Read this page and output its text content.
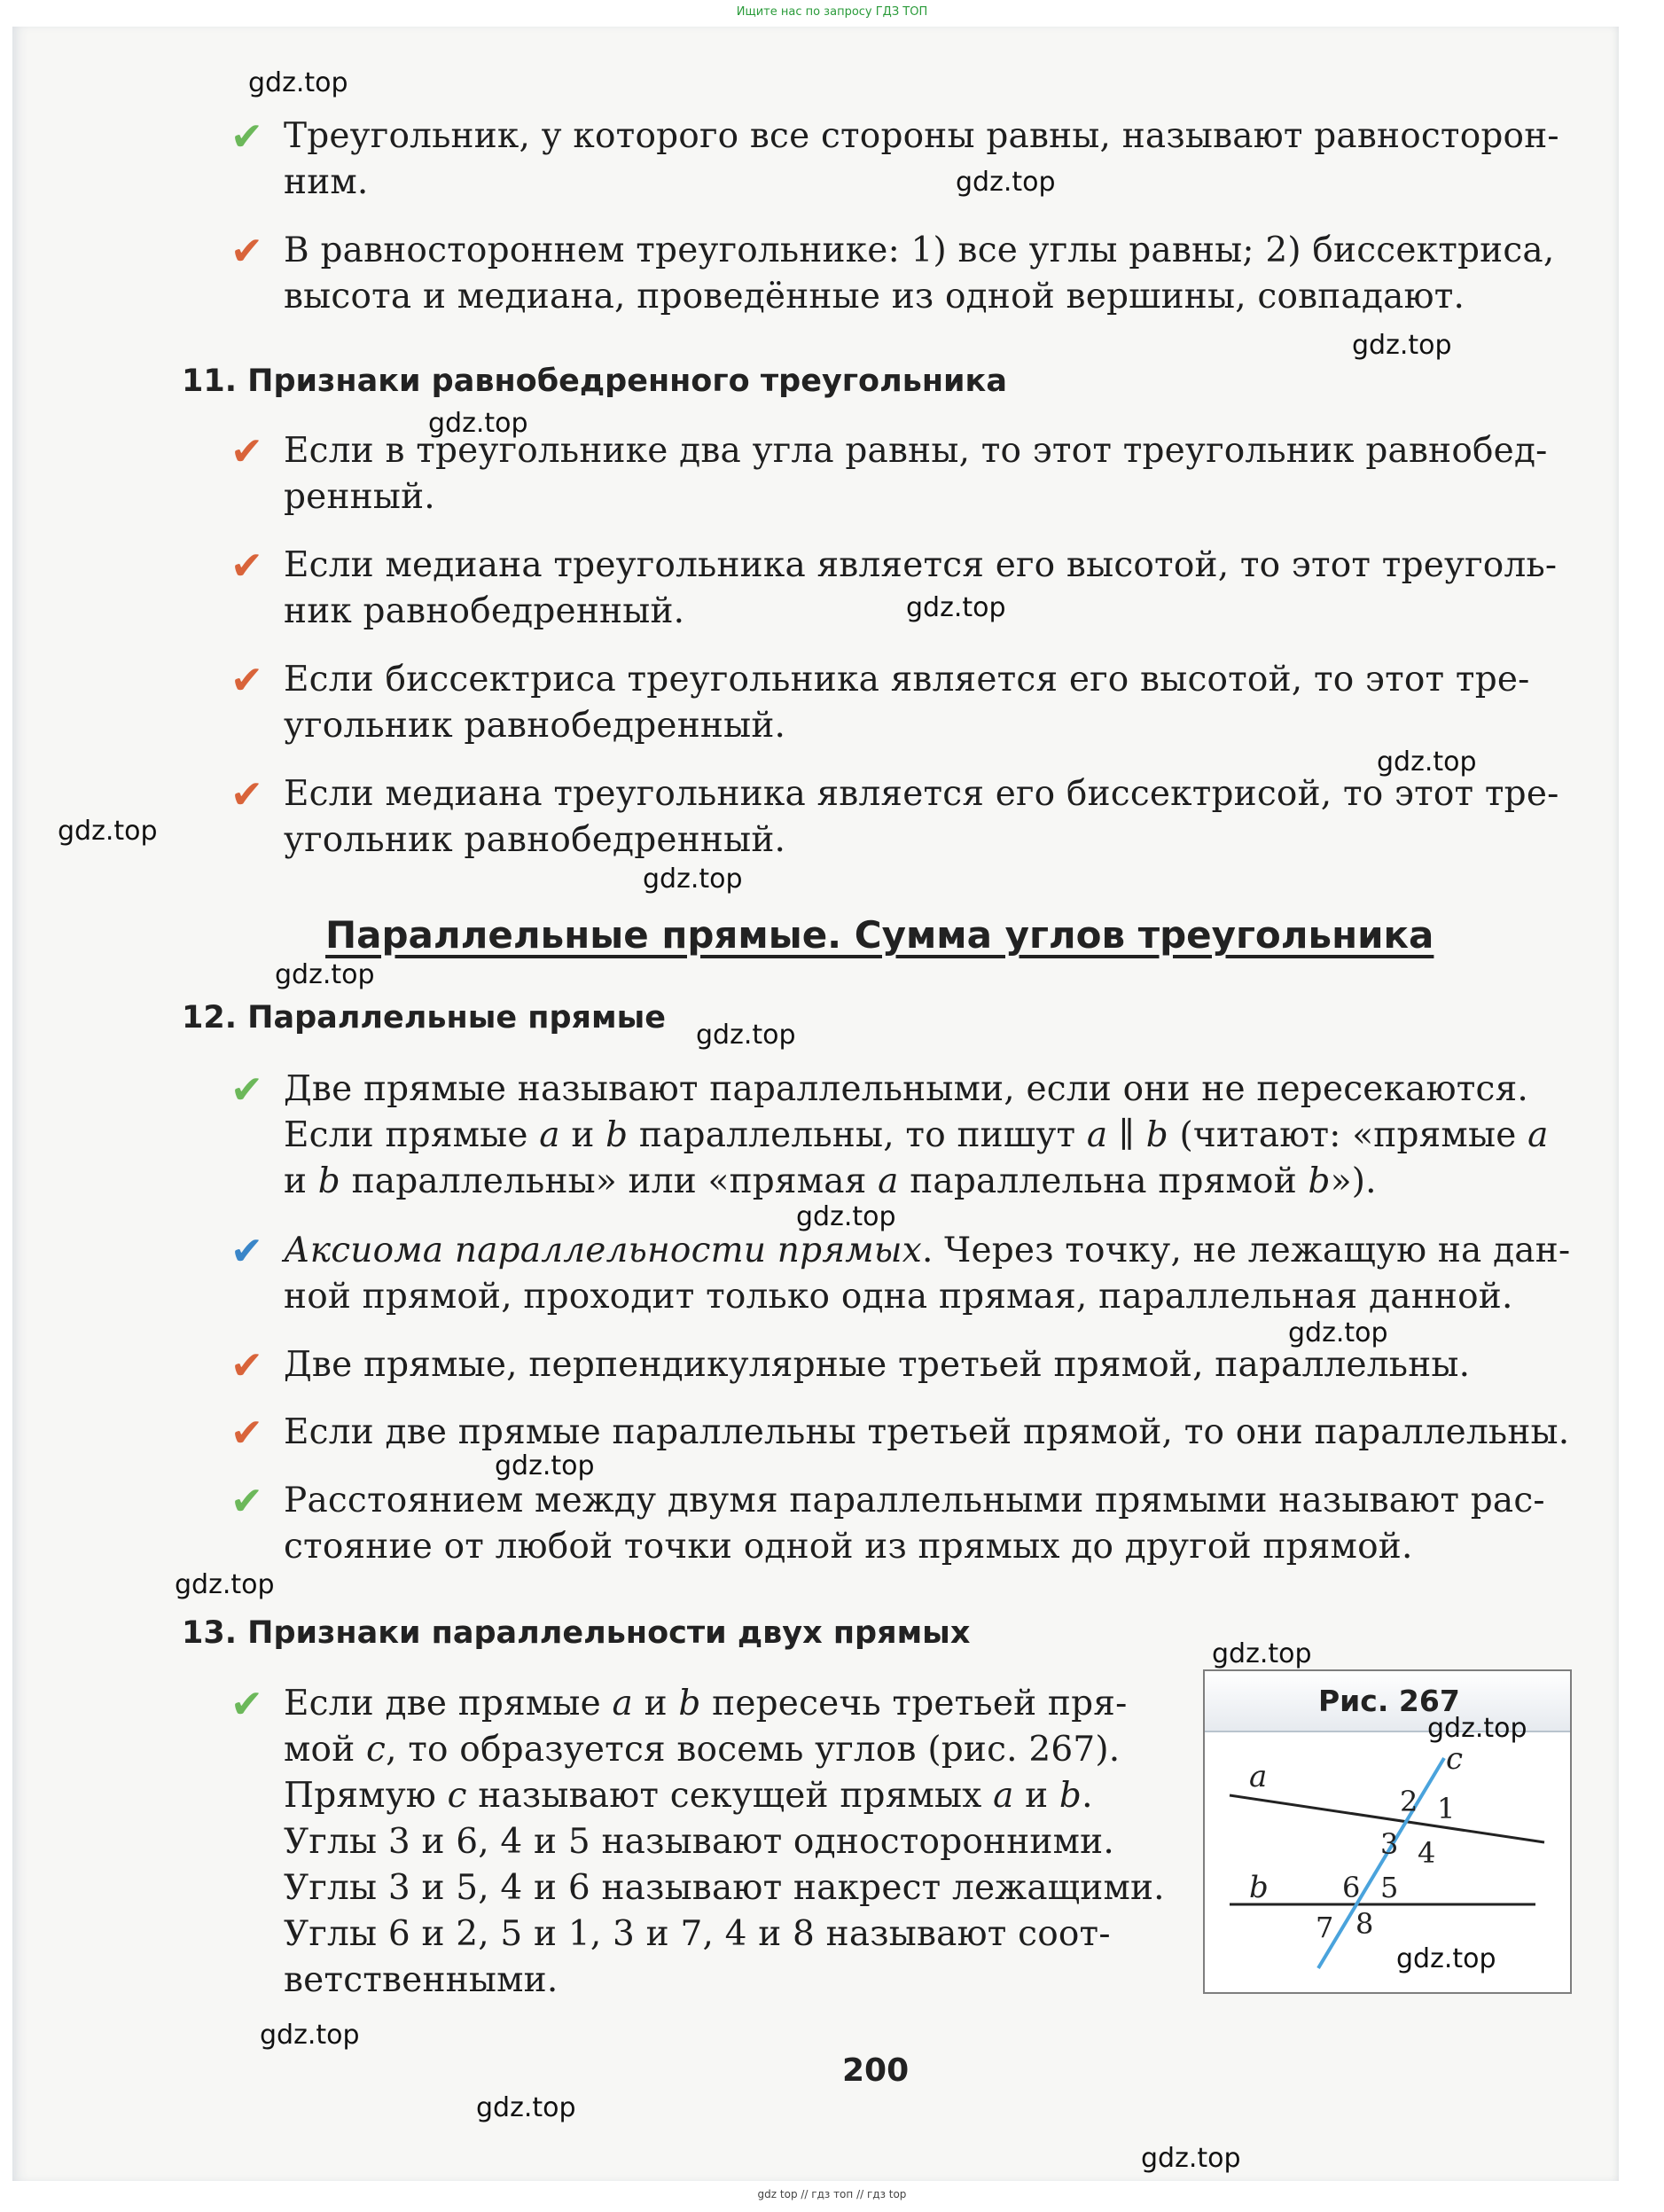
Ищите нас по запросу ГДЗ ТОП
✔ Треугольник, у которого все стороны равны, называют равносторон-
ним.
✔ В равностороннем треугольнике: 1) все углы равны; 2) биссектриса,
высота и медиана, проведённые из одной вершины, совпадают.
11. Признаки равнобедренного треугольника
✔ Если в треугольнике два угла равны, то этот треугольник равнобед-
ренный.
✔ Если медиана треугольника является его высотой, то этот треуголь-
ник равнобедренный.
✔ Если биссектриса треугольника является его высотой, то этот тре-
угольник равнобедренный.
✔ Если медиана треугольника является его биссектрисой, то этот тре-
угольник равнобедренный.
Параллельные прямые. Сумма углов треугольника
12. Параллельные прямые
✔ Две прямые называют параллельными, если они не пересекаются.
Если прямые a и b параллельны, то пишут a ∥ b (читают: «прямые a
и b параллельны» или «прямая a параллельна прямой b»).
✔ Аксиома параллельности прямых. Через точку, не лежащую на дан-
ной прямой, проходит только одна прямая, параллельная данной.
✔ Две прямые, перпендикулярные третьей прямой, параллельны.
✔ Если две прямые параллельны третьей прямой, то они параллельны.
✔ Расстоянием между двумя параллельными прямыми называют рас-
стояние от любой точки одной из прямых до другой прямой.
13. Признаки параллельности двух прямых
✔ Если две прямые a и b пересечь третьей пря-
мой c, то образуется восемь углов (рис. 267).
Прямую c называют секущей прямых a и b.
Углы 3 и 6, 4 и 5 называют односторонними.
Углы 3 и 5, 4 и 6 называют накрест лежащими.
Углы 6 и 2, 5 и 1, 3 и 7, 4 и 8 называют соот-
ветственными.
Рис. 267
a
b
c
2 1
3 4
6 5
7 8
200
gdz.top
gdz.top
gdz.top
gdz.top
gdz.top
gdz.top
gdz.top
gdz.top
gdz.top
gdz.top
gdz.top
gdz.top
gdz.top
gdz.top
gdz.top
gdz.top
gdz.top
gdz.top
gdz.top
gdz.top
gdz top // гдз топ // гдз top
